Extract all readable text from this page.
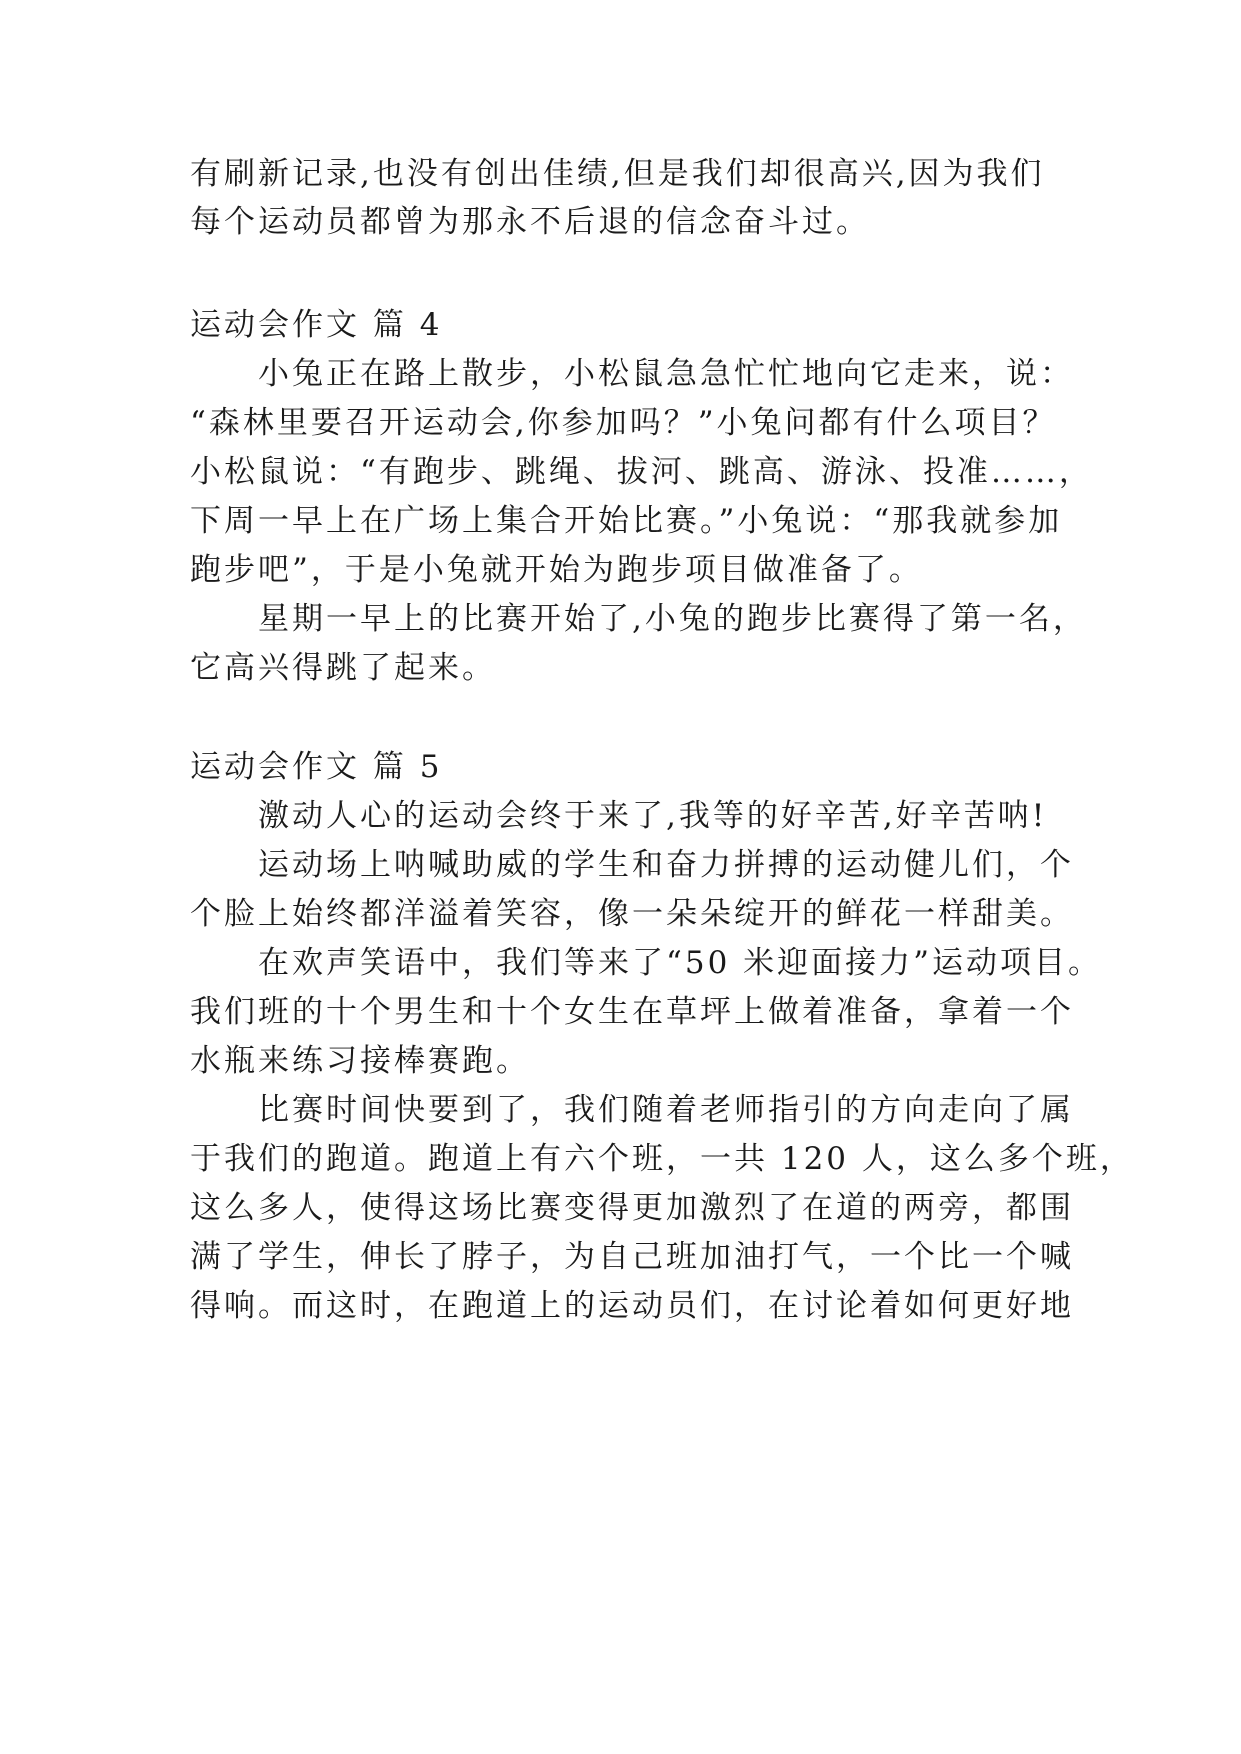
有刷新记录,也没有创出佳绩,但是我们却很高兴,因为我们
每个运动员都曾为那永不后退的信念奋斗过。
运动会作文 篇 4
小兔正在路上散步，小松鼠急急忙忙地向它走来，说：
“森林里要召开运动会,你参加吗？”小兔问都有什么项目？
小松鼠说：“有跑步、跳绳、拔河、跳高、游泳、投准……，
下周一早上在广场上集合开始比赛。”小兔说：“那我就参加
跑步吧”，于是小兔就开始为跑步项目做准备了。
星期一早上的比赛开始了,小兔的跑步比赛得了第一名，
它高兴得跳了起来。
运动会作文 篇 5
激动人心的运动会终于来了,我等的好辛苦,好辛苦呐!
运动场上呐喊助威的学生和奋力拼搏的运动健儿们，个
个脸上始终都洋溢着笑容，像一朵朵绽开的鲜花一样甜美。
在欢声笑语中，我们等来了“50 米迎面接力”运动项目。
我们班的十个男生和十个女生在草坪上做着准备，拿着一个
水瓶来练习接棒赛跑。
比赛时间快要到了，我们随着老师指引的方向走向了属
于我们的跑道。跑道上有六个班，一共 120 人，这么多个班，
这么多人，使得这场比赛变得更加激烈了在道的两旁，都围
满了学生，伸长了脖子，为自己班加油打气，一个比一个喊
得响。而这时，在跑道上的运动员们，在讨论着如何更好地
